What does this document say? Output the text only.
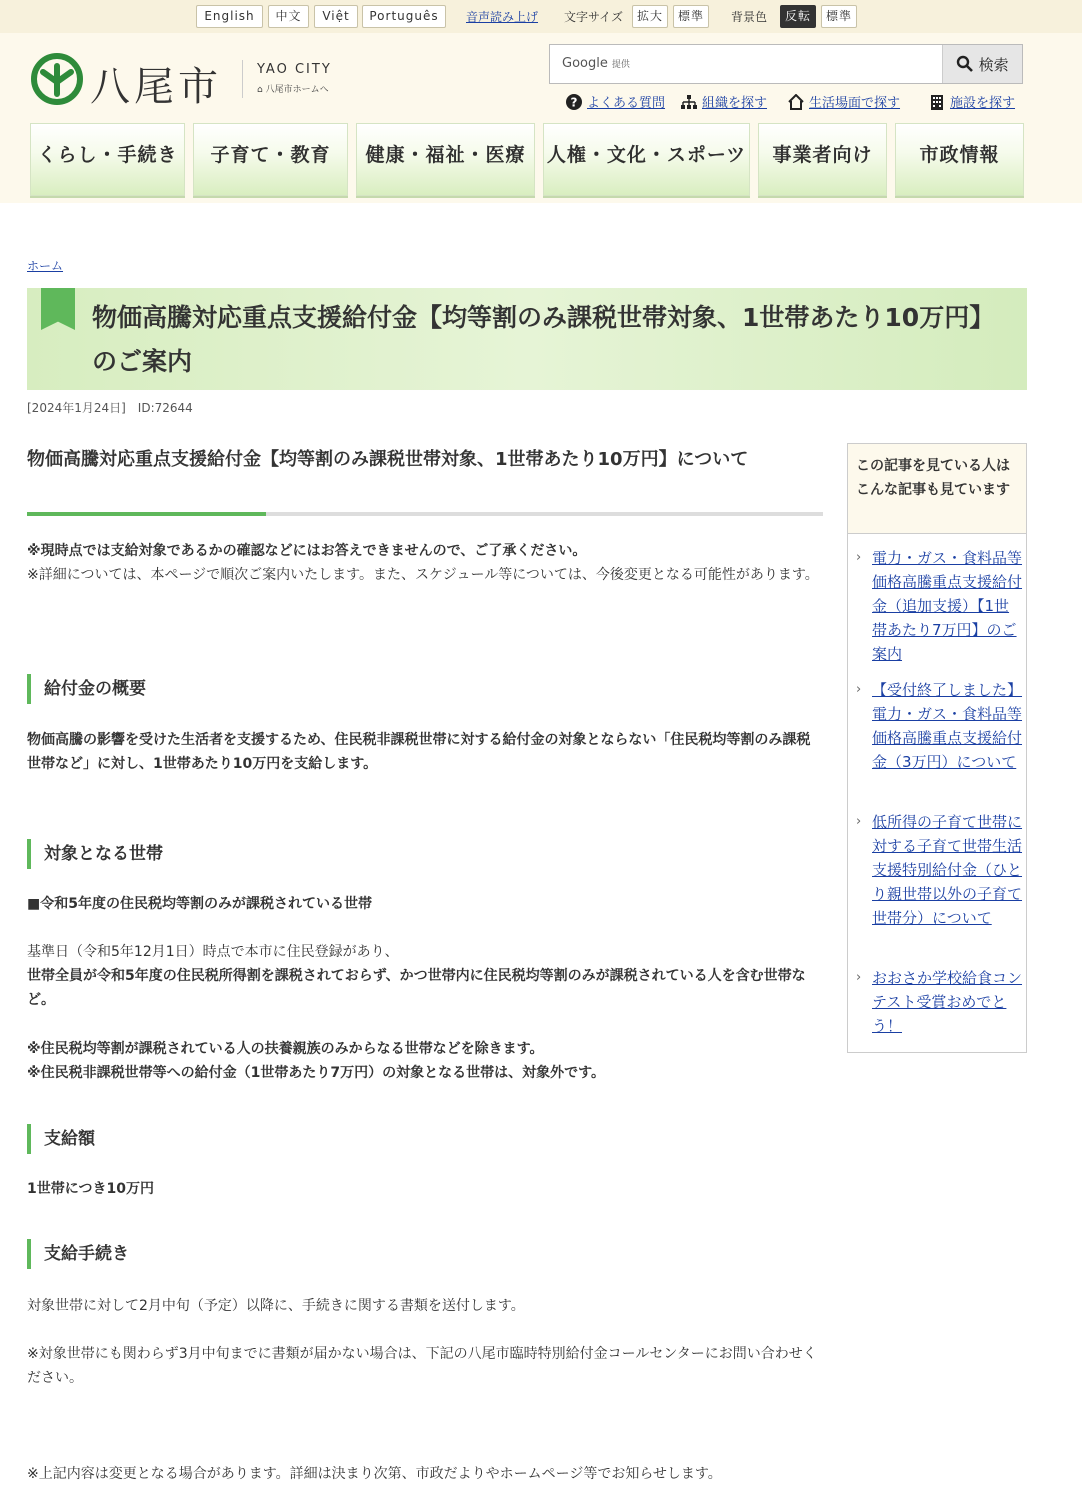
English	中文	Việt	Português	音声読み上げ 文字サイズ	拡大	標準	背景色	反転	標準
八尾市	YAO CITY
⌂ 八尾市ホームへ
Google 提供	検索
? よくある質問	組織を探す	生活場面で探す	施設を探す
くらし・手続き	子育て・教育	健康・福祉・医療	人権・文化・スポーツ	事業者向け	市政情報
ホーム
物価高騰対応重点支援給付金【均等割のみ課税世帯対象、1世帯あたり10万円】のご案内
[2024年1月24日]　ID:72644
物価高騰対応重点支援給付金【均等割のみ課税世帯対象、1世帯あたり10万円】について
※現時点では支給対象であるかの確認などにはお答えできませんので、ご了承ください。
※詳細については、本ページで順次ご案内いたします。また、スケジュール等については、今後変更となる可能性があります。
給付金の概要
物価高騰の影響を受けた生活者を支援するため、住民税非課税世帯に対する給付金の対象とならない「住民税均等割のみ課税世帯など」に対し、1世帯あたり10万円を支給します。
対象となる世帯
■令和5年度の住民税均等割のみが課税されている世帯
基準日（令和5年12月1日）時点で本市に住民登録があり、
世帯全員が令和5年度の住民税所得割を課税されておらず、かつ世帯内に住民税均等割のみが課税されている人を含む世帯など。
※住民税均等割が課税されている人の扶養親族のみからなる世帯などを除きます。
※住民税非課税世帯等への給付金（1世帯あたり7万円）の対象となる世帯は、対象外です。
支給額
1世帯につき10万円
支給手続き
対象世帯に対して2月中旬（予定）以降に、手続きに関する書類を送付します。
※対象世帯にも関わらず3月中旬までに書類が届かない場合は、下記の八尾市臨時特別給付金コールセンターにお問い合わせください。
※上記内容は変更となる場合があります。詳細は決まり次第、市政だよりやホームページ等でお知らせします。
この記事を見ている人はこんな記事も見ています
› 電力・ガス・食料品等価格高騰重点支援給付金（追加支援）【1世帯あたり7万円】のご案内
› 【受付終了しました】電力・ガス・食料品等価格高騰重点支援給付金（3万円）について
› 低所得の子育て世帯に対する子育て世帯生活支援特別給付金（ひとり親世帯以外の子育て世帯分）について
› おおさか学校給食コンテスト受賞おめでとう！
